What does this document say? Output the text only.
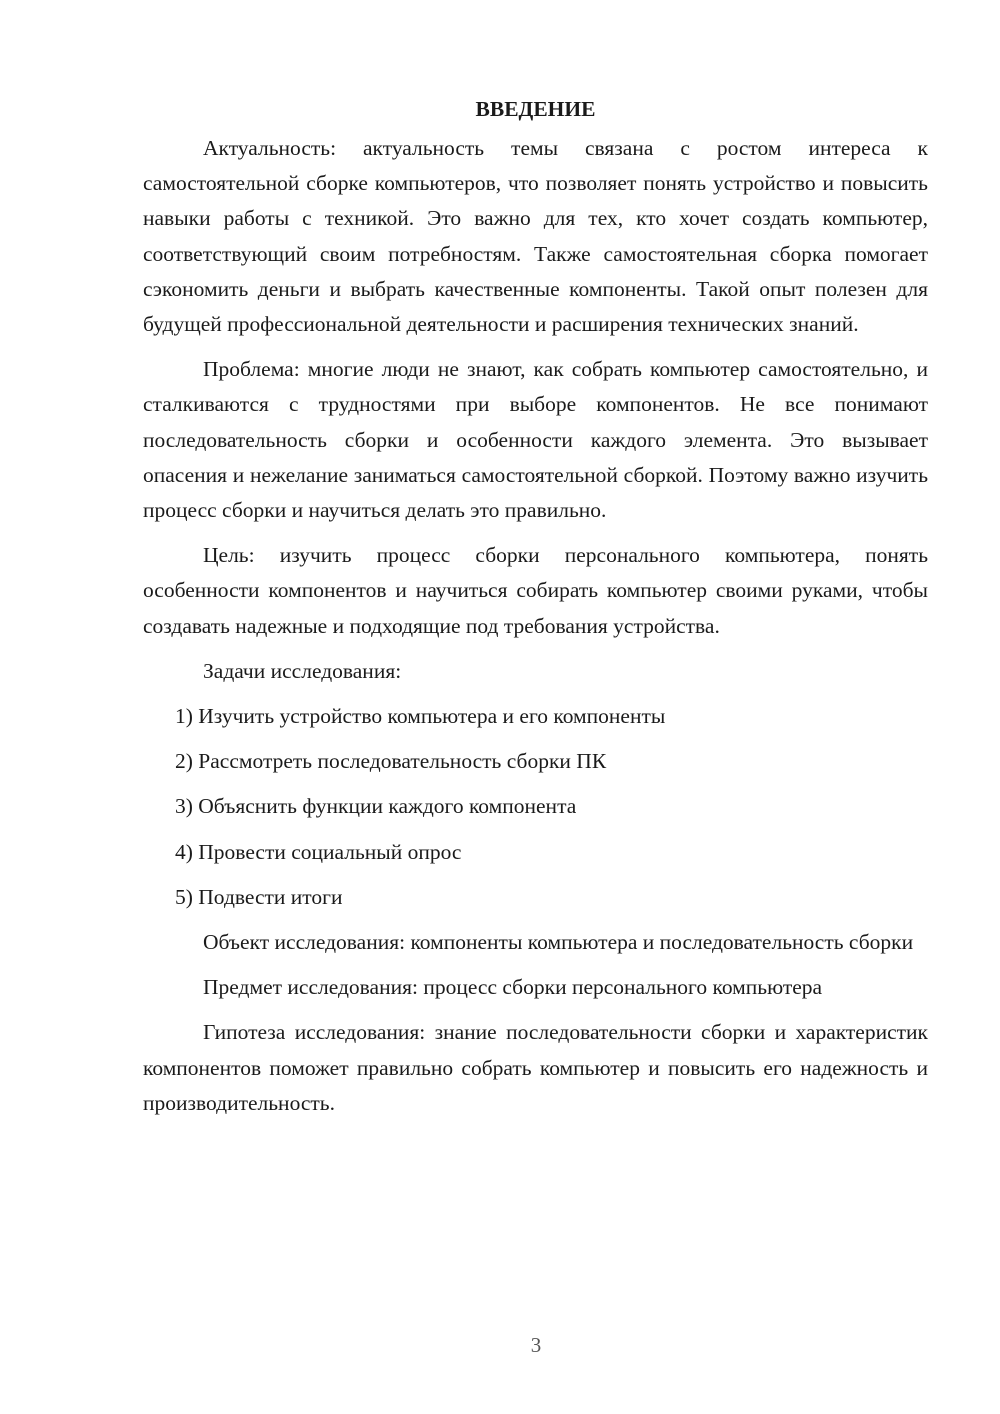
ВВЕДЕНИЕ

Актуальность: актуальность темы связана с ростом интереса к самостоятельной сборке компьютеров, что позволяет понять устройство и повысить навыки работы с техникой. Это важно для тех, кто хочет создать компьютер, соответствующий своим потребностям. Также самостоятельная сборка помогает сэкономить деньги и выбрать качественные компоненты. Такой опыт полезен для будущей профессиональной деятельности и расширения технических знаний.

Проблема: многие люди не знают, как собрать компьютер самостоятельно, и сталкиваются с трудностями при выборе компонентов. Не все понимают последовательность сборки и особенности каждого элемента. Это вызывает опасения и нежелание заниматься самостоятельной сборкой. Поэтому важно изучить процесс сборки и научиться делать это правильно.

Цель: изучить процесс сборки персонального компьютера, понять особенности компонентов и научиться собирать компьютер своими руками, чтобы создавать надежные и подходящие под требования устройства.

Задачи исследования:

1) Изучить устройство компьютера и его компоненты
2) Рассмотреть последовательность сборки ПК
3) Объяснить функции каждого компонента
4) Провести социальный опрос
5) Подвести итоги

Объект исследования: компоненты компьютера и последовательность сборки

Предмет исследования: процесс сборки персонального компьютера

Гипотеза исследования: знание последовательности сборки и характеристик компонентов поможет правильно собрать компьютер и повысить его надежность и производительность.

3
